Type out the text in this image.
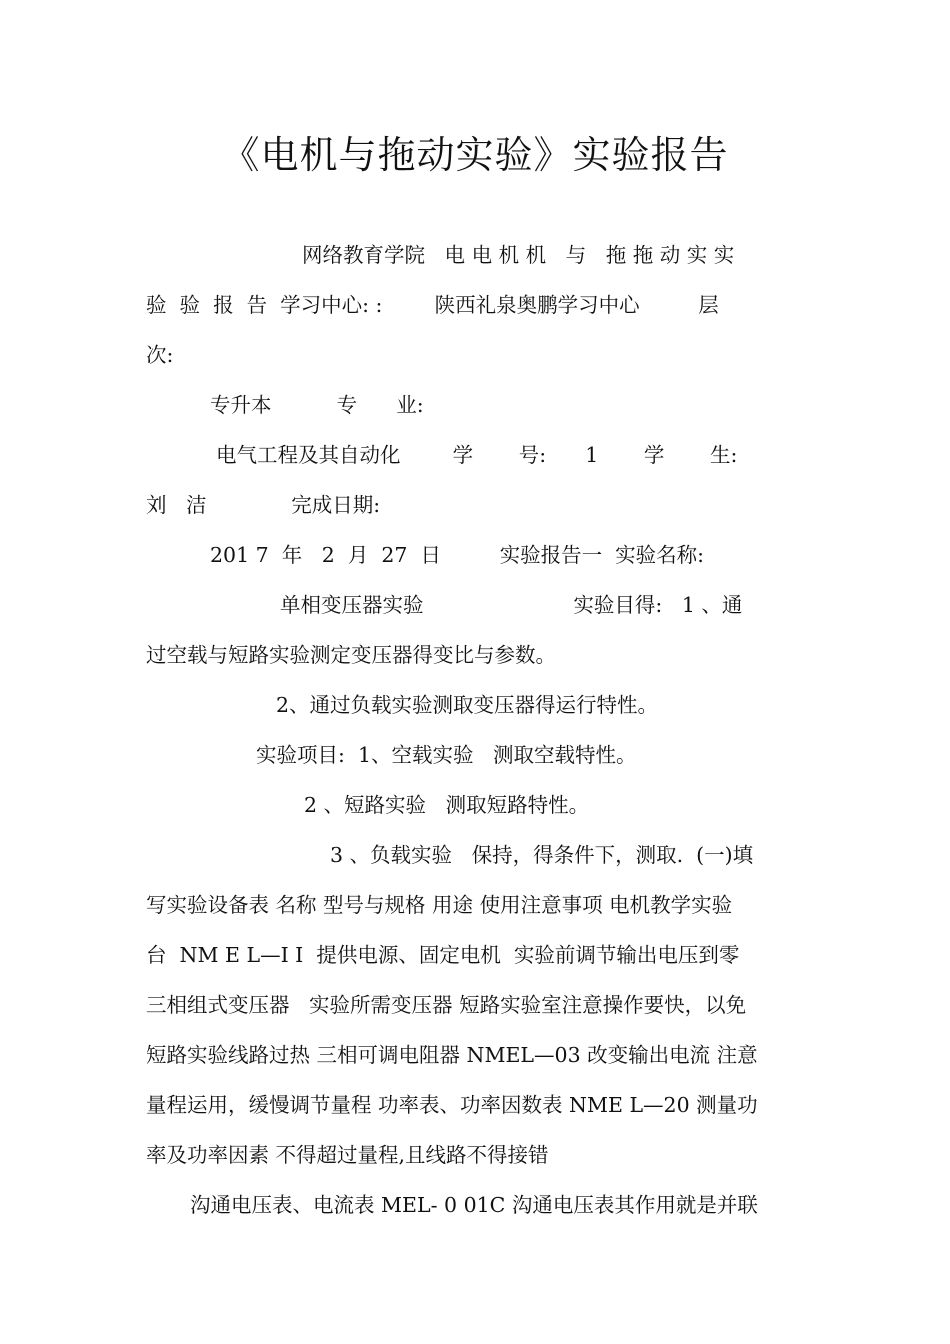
《电机与拖动实验》实验报告
网络教育学院   电 电 机 机   与   拖 拖 动 实 实
验  验  报  告  学习中心: :        陕西礼泉奥鹏学习中心         层
次:
专升本          专      业:
电气工程及其自动化        学       号:      1       学       生:
刘   洁             完成日期:
201 7  年   2  月  27  日         实验报告一  实验名称:
单相变压器实验                       实验目得:   1 、通
过空载与短路实验测定变压器得变比与参数。
2、通过负载实验测取变压器得运行特性。
实验项目:  1、空载实验   测取空载特性。
2 、短路实验   测取短路特性。
3 、负载实验   保持，得条件下，测取.  (一)填
写实验设备表 名称 型号与规格 用途 使用注意事项 电机教学实验
台  NM E L—I I  提供电源、固定电机  实验前调节输出电压到零
三相组式变压器   实验所需变压器 短路实验室注意操作要快，以免
短路实验线路过热 三相可调电阻器 NMEL—03 改变输出电流 注意
量程运用，缓慢调节量程 功率表、功率因数表 NME L—20 测量功
率及功率因素 不得超过量程,且线路不得接错
沟通电压表、电流表 MEL- 0 01C 沟通电压表其作用就是并联
